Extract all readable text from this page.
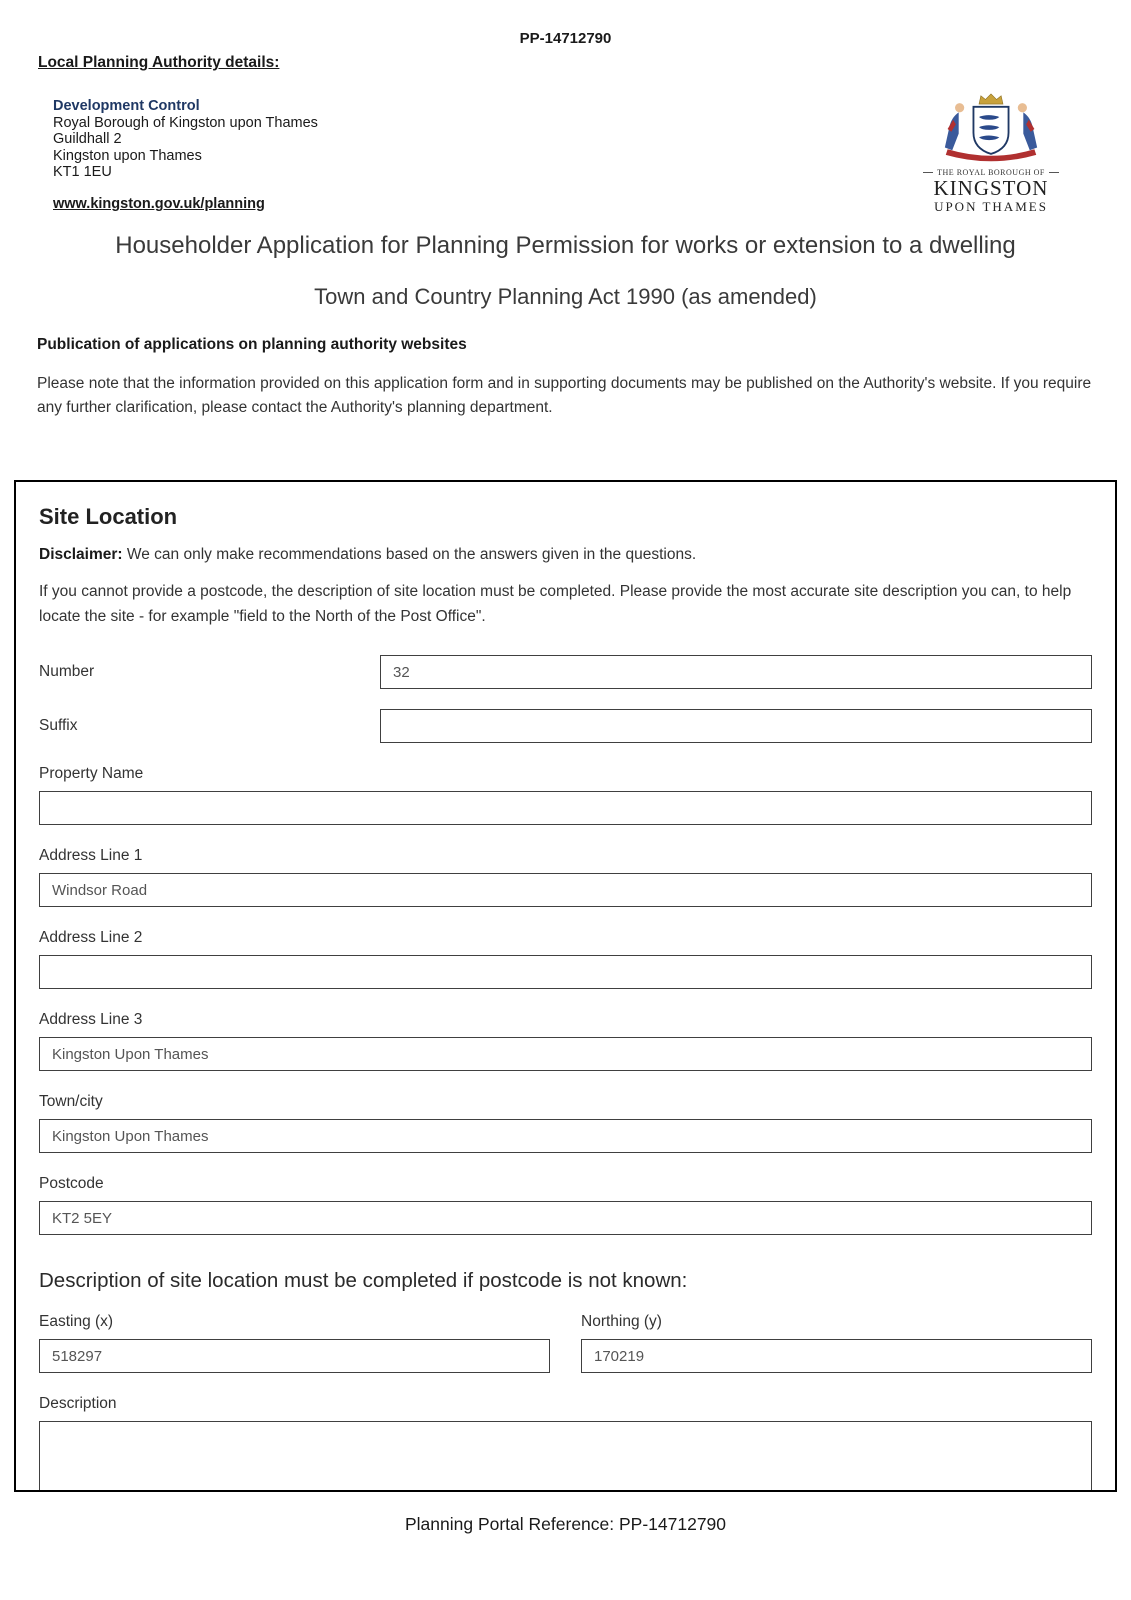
PP-14712790
Local Planning Authority details:
Development Control
Royal Borough of Kingston upon Thames
Guildhall 2
Kingston upon Thames
KT1 1EU
www.kingston.gov.uk/planning
THE ROYAL BOROUGH OF
KINGSTON
UPON THAMES
Householder Application for Planning Permission for works or extension to a dwelling
Town and Country Planning Act 1990 (as amended)
Publication of applications on planning authority websites
Please note that the information provided on this application form and in supporting documents may be published on the Authority's website. If you require any further clarification, please contact the Authority's planning department.
Site Location
Disclaimer: We can only make recommendations based on the answers given in the questions.
If you cannot provide a postcode, the description of site location must be completed. Please provide the most accurate site description you can, to help locate the site - for example "field to the North of the Post Office".
Number
32
Suffix
Property Name
Address Line 1
Windsor Road
Address Line 2
Address Line 3
Kingston Upon Thames
Town/city
Kingston Upon Thames
Postcode
KT2 5EY
Description of site location must be completed if postcode is not known:
Easting (x)
518297	Northing (y)
170219
Description
Planning Portal Reference: PP-14712790
